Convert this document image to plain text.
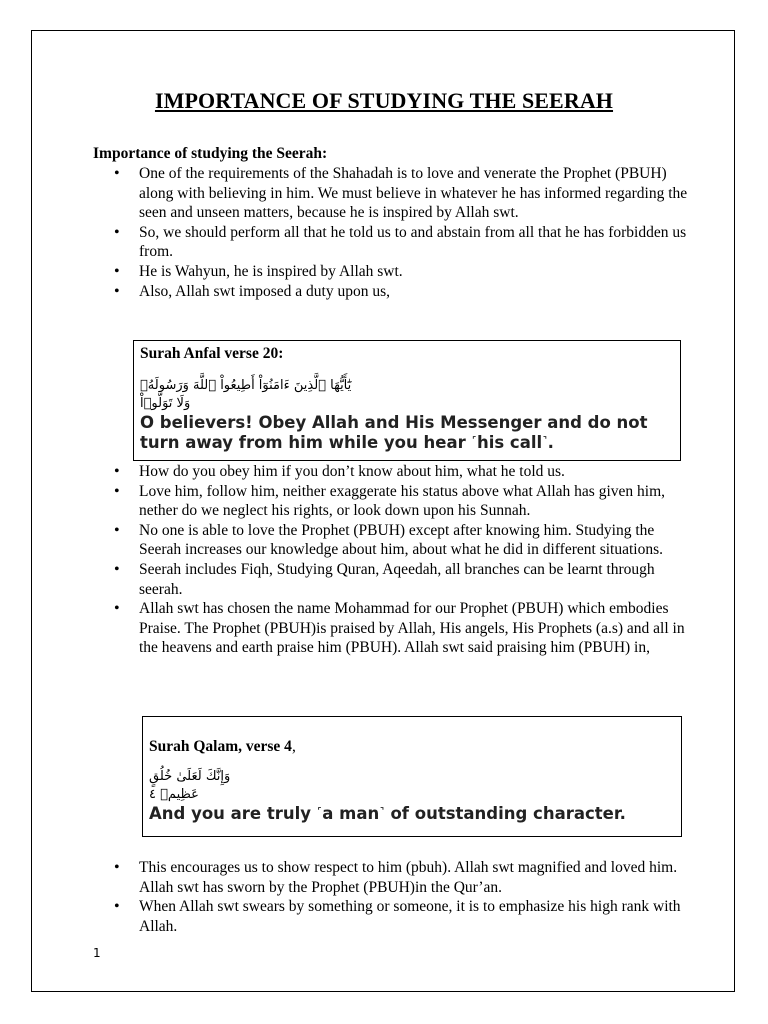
IMPORTANCE OF STUDYING THE SEERAH
Importance of studying the Seerah:
• One of the requirements of the Shahadah is to love and venerate the Prophet (PBUH) along with believing in him. We must believe in whatever he has informed regarding the seen and unseen matters, because he is inspired by Allah swt.
• So, we should perform all that he told us to and abstain from all that he has forbidden us from.
• He is Wahyun, he is inspired by Allah swt.
• Also, Allah swt imposed a duty upon us,
Surah Anfal verse 20:
يَٰٓأَيُّهَا ٱلَّذِينَ ءَامَنُوٓاْ أَطِيعُواْ ٱللَّهَ وَرَسُولَهُۥ وَلَا تَوَلَّوۡاْ
O believers! Obey Allah and His Messenger and do not turn away from him while you hear ˹his call˺.
• How do you obey him if you don’t know about him, what he told us.
• Love him, follow him, neither exaggerate his status above what Allah has given him, nether do we neglect his rights, or look down upon his Sunnah.
• No one is able to love the Prophet (PBUH) except after knowing him. Studying the Seerah increases our knowledge about him, about what he did in different situations.
• Seerah includes Fiqh, Studying Quran, Aqeedah, all branches can be learnt through seerah.
• Allah swt has chosen the name Mohammad for our Prophet (PBUH) which embodies Praise. The Prophet (PBUH)is praised by Allah, His angels, His Prophets (a.s) and all in the heavens and earth praise him (PBUH). Allah swt said praising him (PBUH) in,
Surah Qalam, verse 4,
وَإِنَّكَ لَعَلَىٰ خُلُقٍ عَظِيمٖ ٤
And you are truly ˹a man˺ of outstanding character.
• This encourages us to show respect to him (pbuh). Allah swt magnified and loved him. Allah swt has sworn by the Prophet (PBUH)in the Qur’an.
• When Allah swt swears by something or someone, it is to emphasize his high rank with Allah.
1
